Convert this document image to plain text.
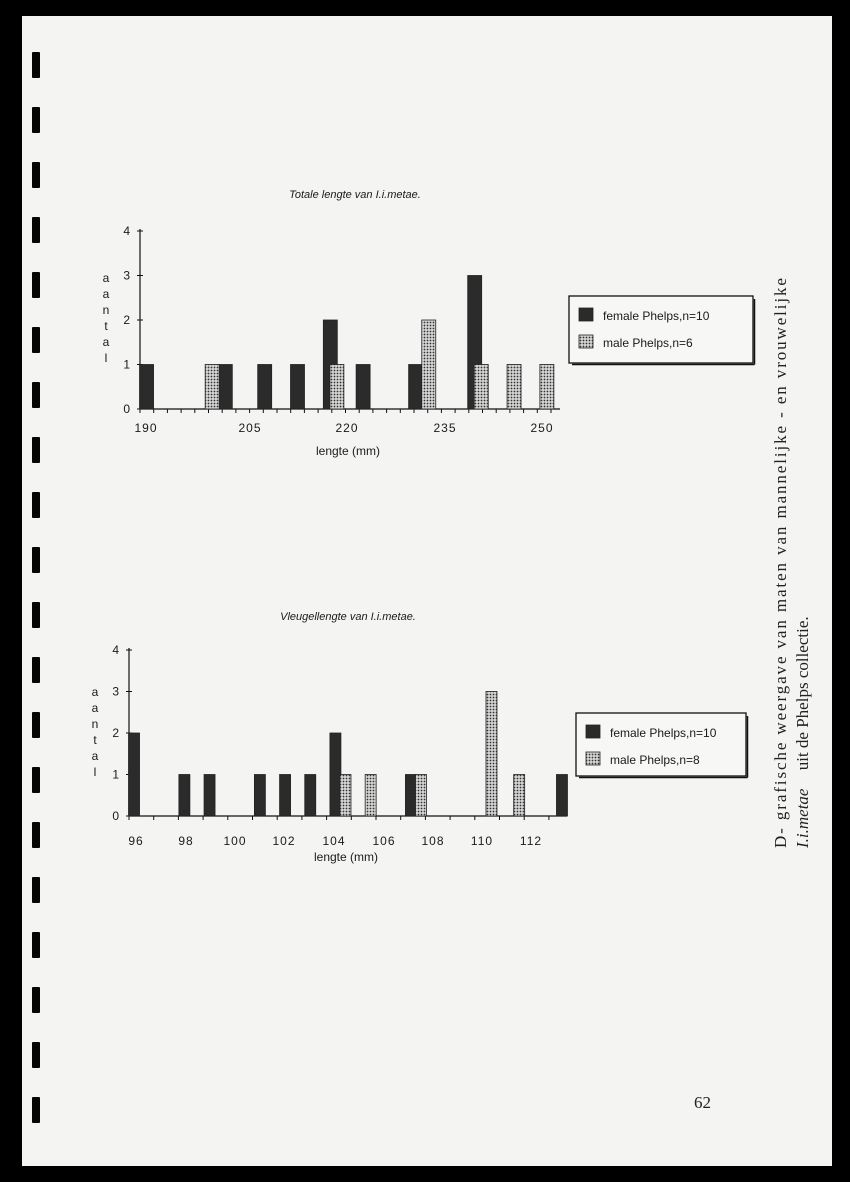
Totale lengte van I.i.metae.
0
1
2
3
4
190	205	220	235	250
lengte (mm)
a
a
n
t
a
l
female Phelps,n=10
male Phelps,n=6
Vleugellengte van I.i.metae.
0
1
2
3
4
96	98 100 102 104 106 108 110 112
lengte (mm)
a
a
n
t
a
l
female Phelps,n=10
male Phelps,n=8
D- grafische weergave van maten van mannelijke - en vrouwelijke
I.i.metae uit de Phelps collectie.
62
